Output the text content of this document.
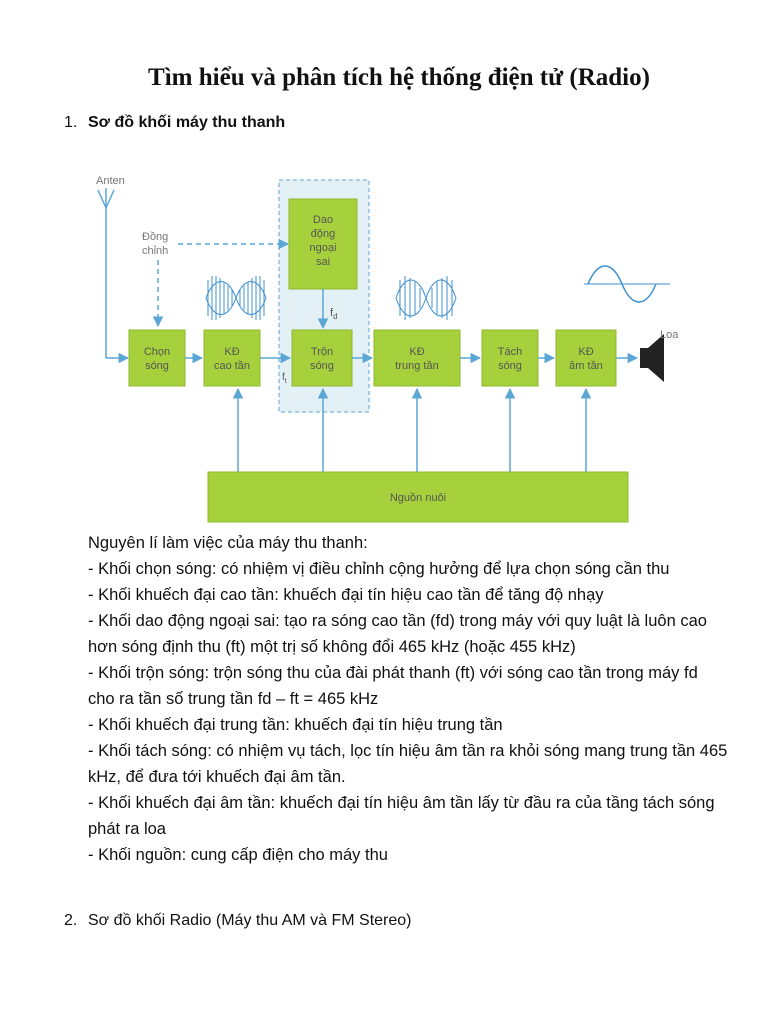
Tìm hiểu và phân tích hệ thống điện tử (Radio)
1. Sơ đồ khối máy thu thanh
Anten
Đồng
chỉnh
Dao
động
ngoại
sai
$f_d$
$f_t$
Chọn
sóng
KĐ
cao tần
Trộn
sóng
KĐ
trung tần
Tách
sóng
KĐ
âm tần
Nguồn nuôi
Loa

Nguyên lí làm việc của máy thu thanh:

- Khối chọn sóng: có nhiệm vị điều chỉnh cộng hưởng để lựa chọn sóng cần thu

- Khối khuếch đại cao tần: khuếch đại tín hiệu cao tần để tăng độ nhạy

- Khối dao động ngoại sai: tạo ra sóng cao tần (fd) trong máy với quy luật là luôn cao hơn sóng định thu (ft) một trị số không đổi 465 kHz (hoặc 455 kHz)

- Khối trộn sóng: trộn sóng thu của đài phát thanh (ft) với sóng cao tần trong máy fd cho ra tần số trung tần fd – ft = 465 kHz

- Khối khuếch đại trung tần: khuếch đại tín hiệu trung tần

- Khối tách sóng: có nhiệm vụ tách, lọc tín hiệu âm tần ra khỏi sóng mang trung tần 465 kHz, để đưa tới khuếch đại âm tần.

- Khối khuếch đại âm tần: khuếch đại tín hiệu âm tần lấy từ đầu ra của tầng tách sóng phát ra loa

- Khối nguồn: cung cấp điện cho máy thu

2. Sơ đồ khối Radio (Máy thu AM và FM Stereo)
